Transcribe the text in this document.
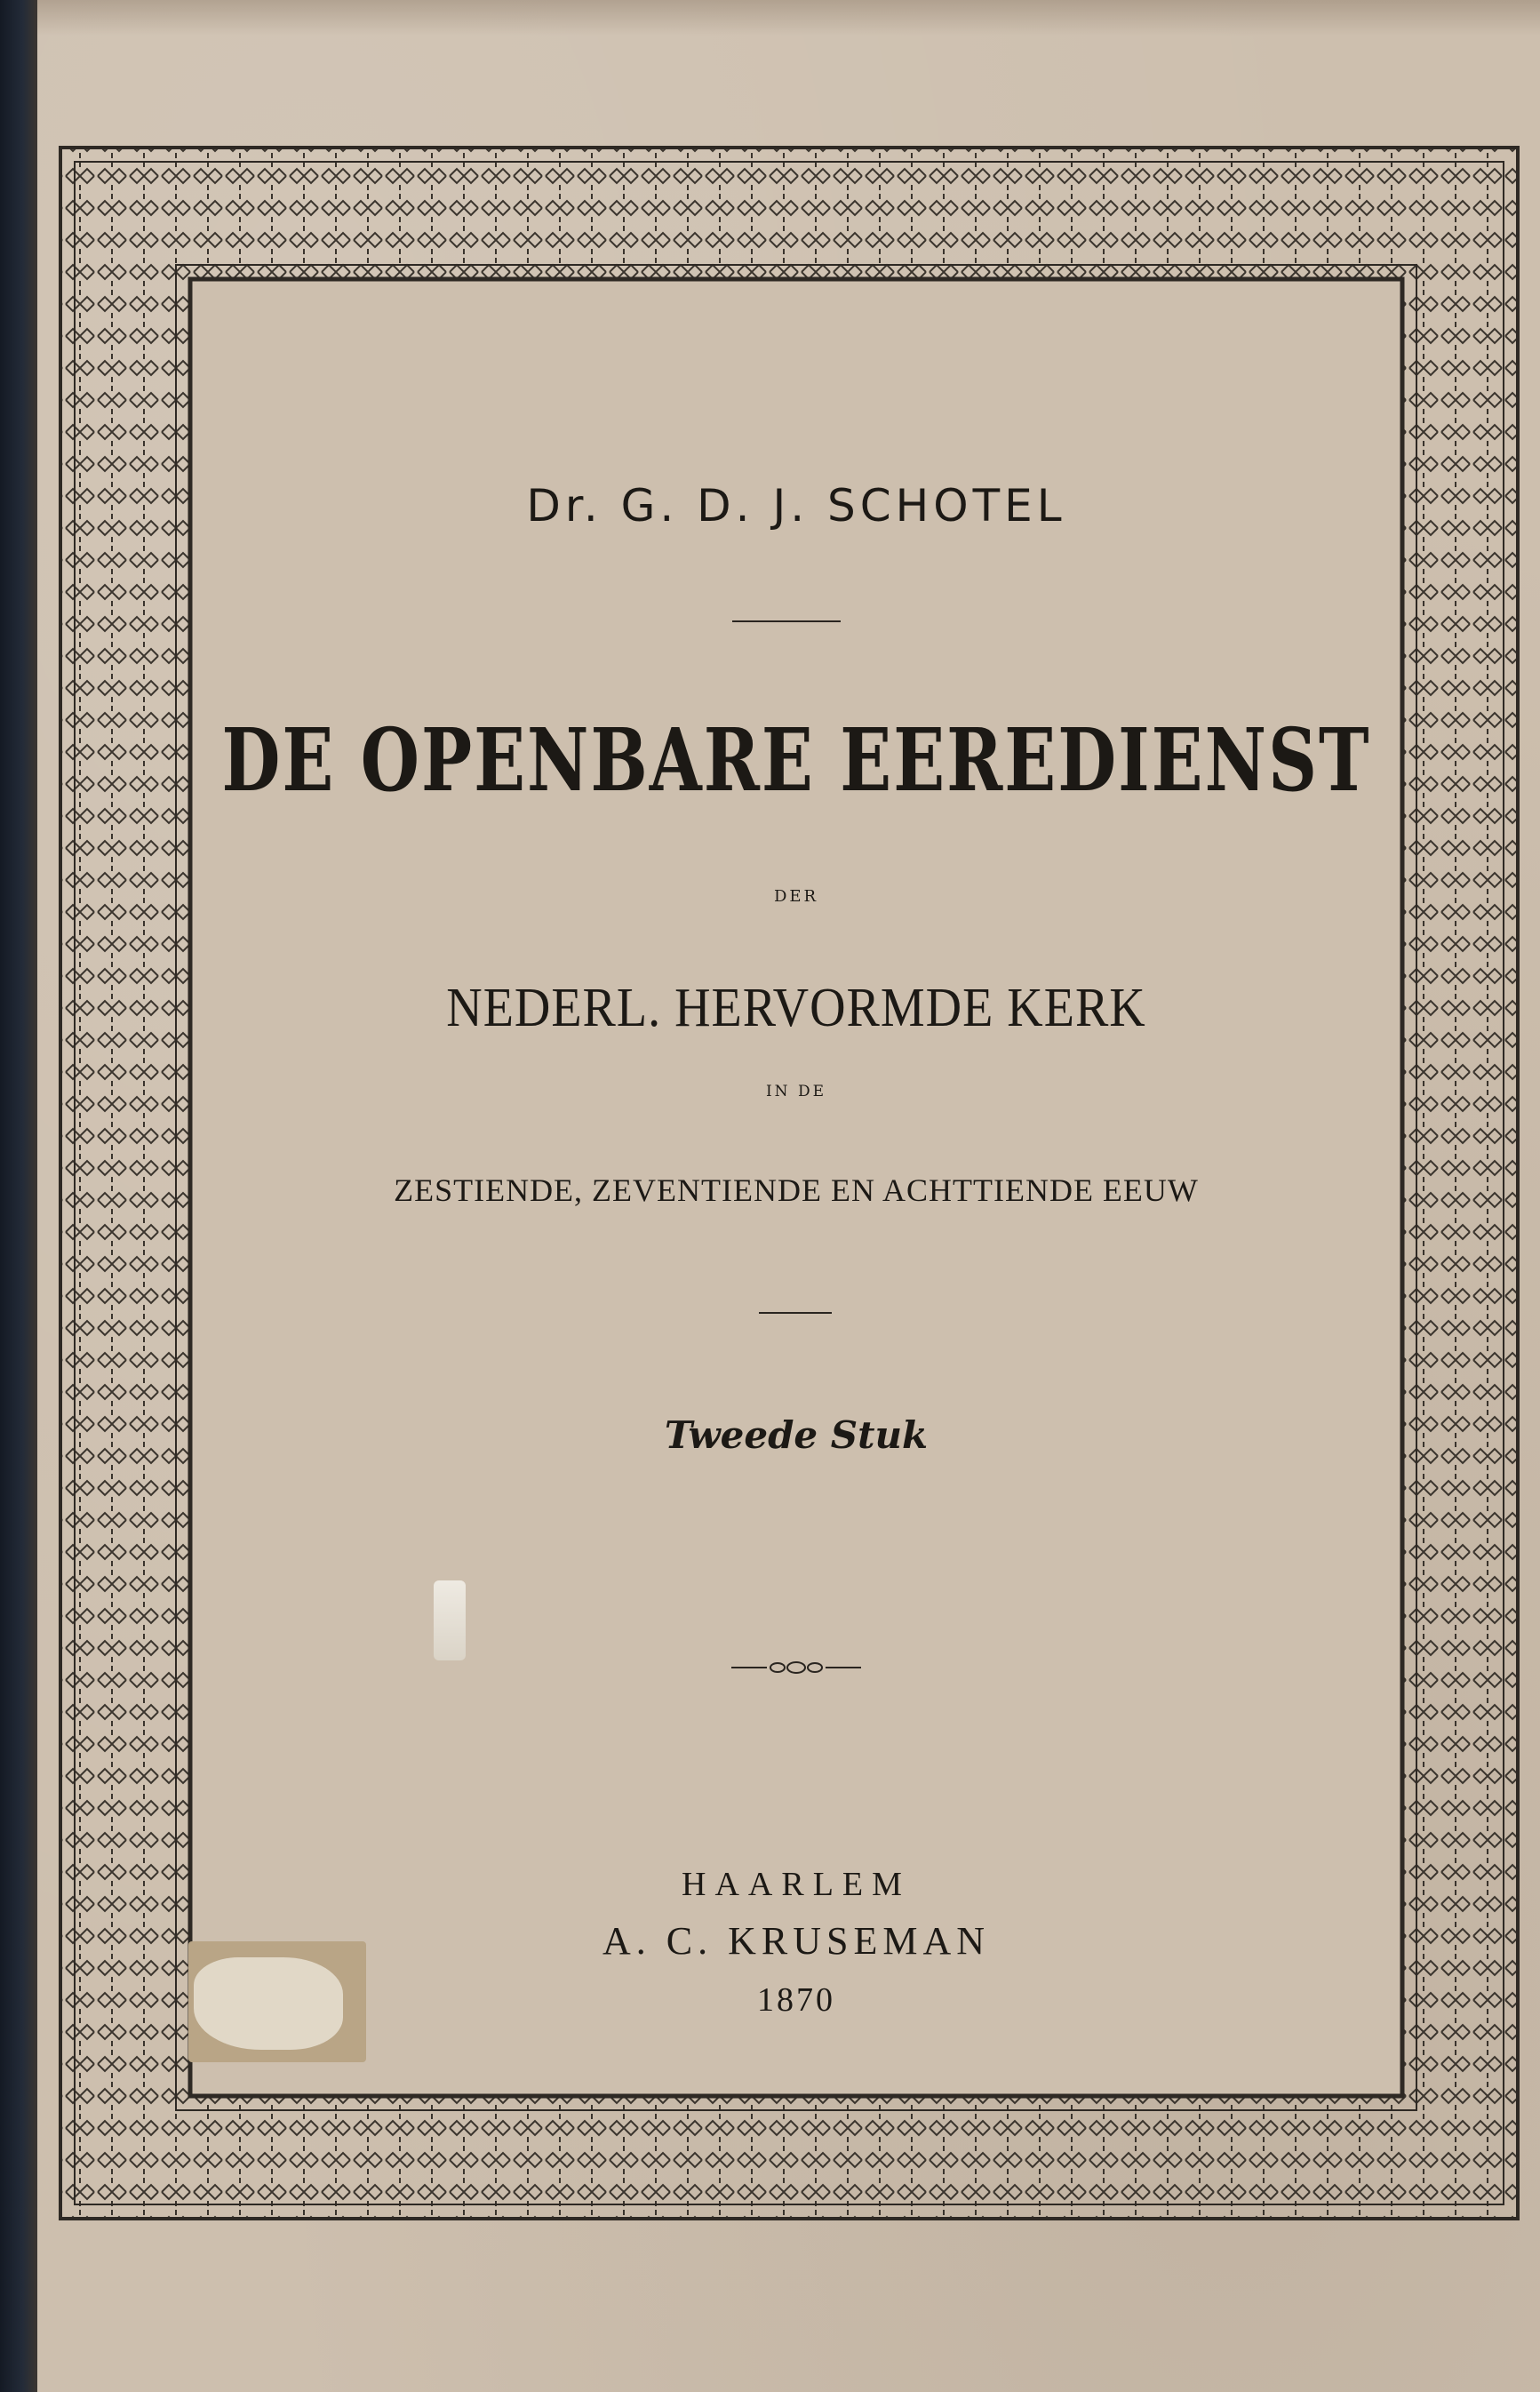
Dr. G. D. J. SCHOTEL
DE OPENBARE EEREDIENST
DER
NEDERL. HERVORMDE KERK
IN DE
ZESTIENDE, ZEVENTIENDE EN ACHTTIENDE EEUW
Tweede Stuk
HAARLEM
A. C. KRUSEMAN
1870
